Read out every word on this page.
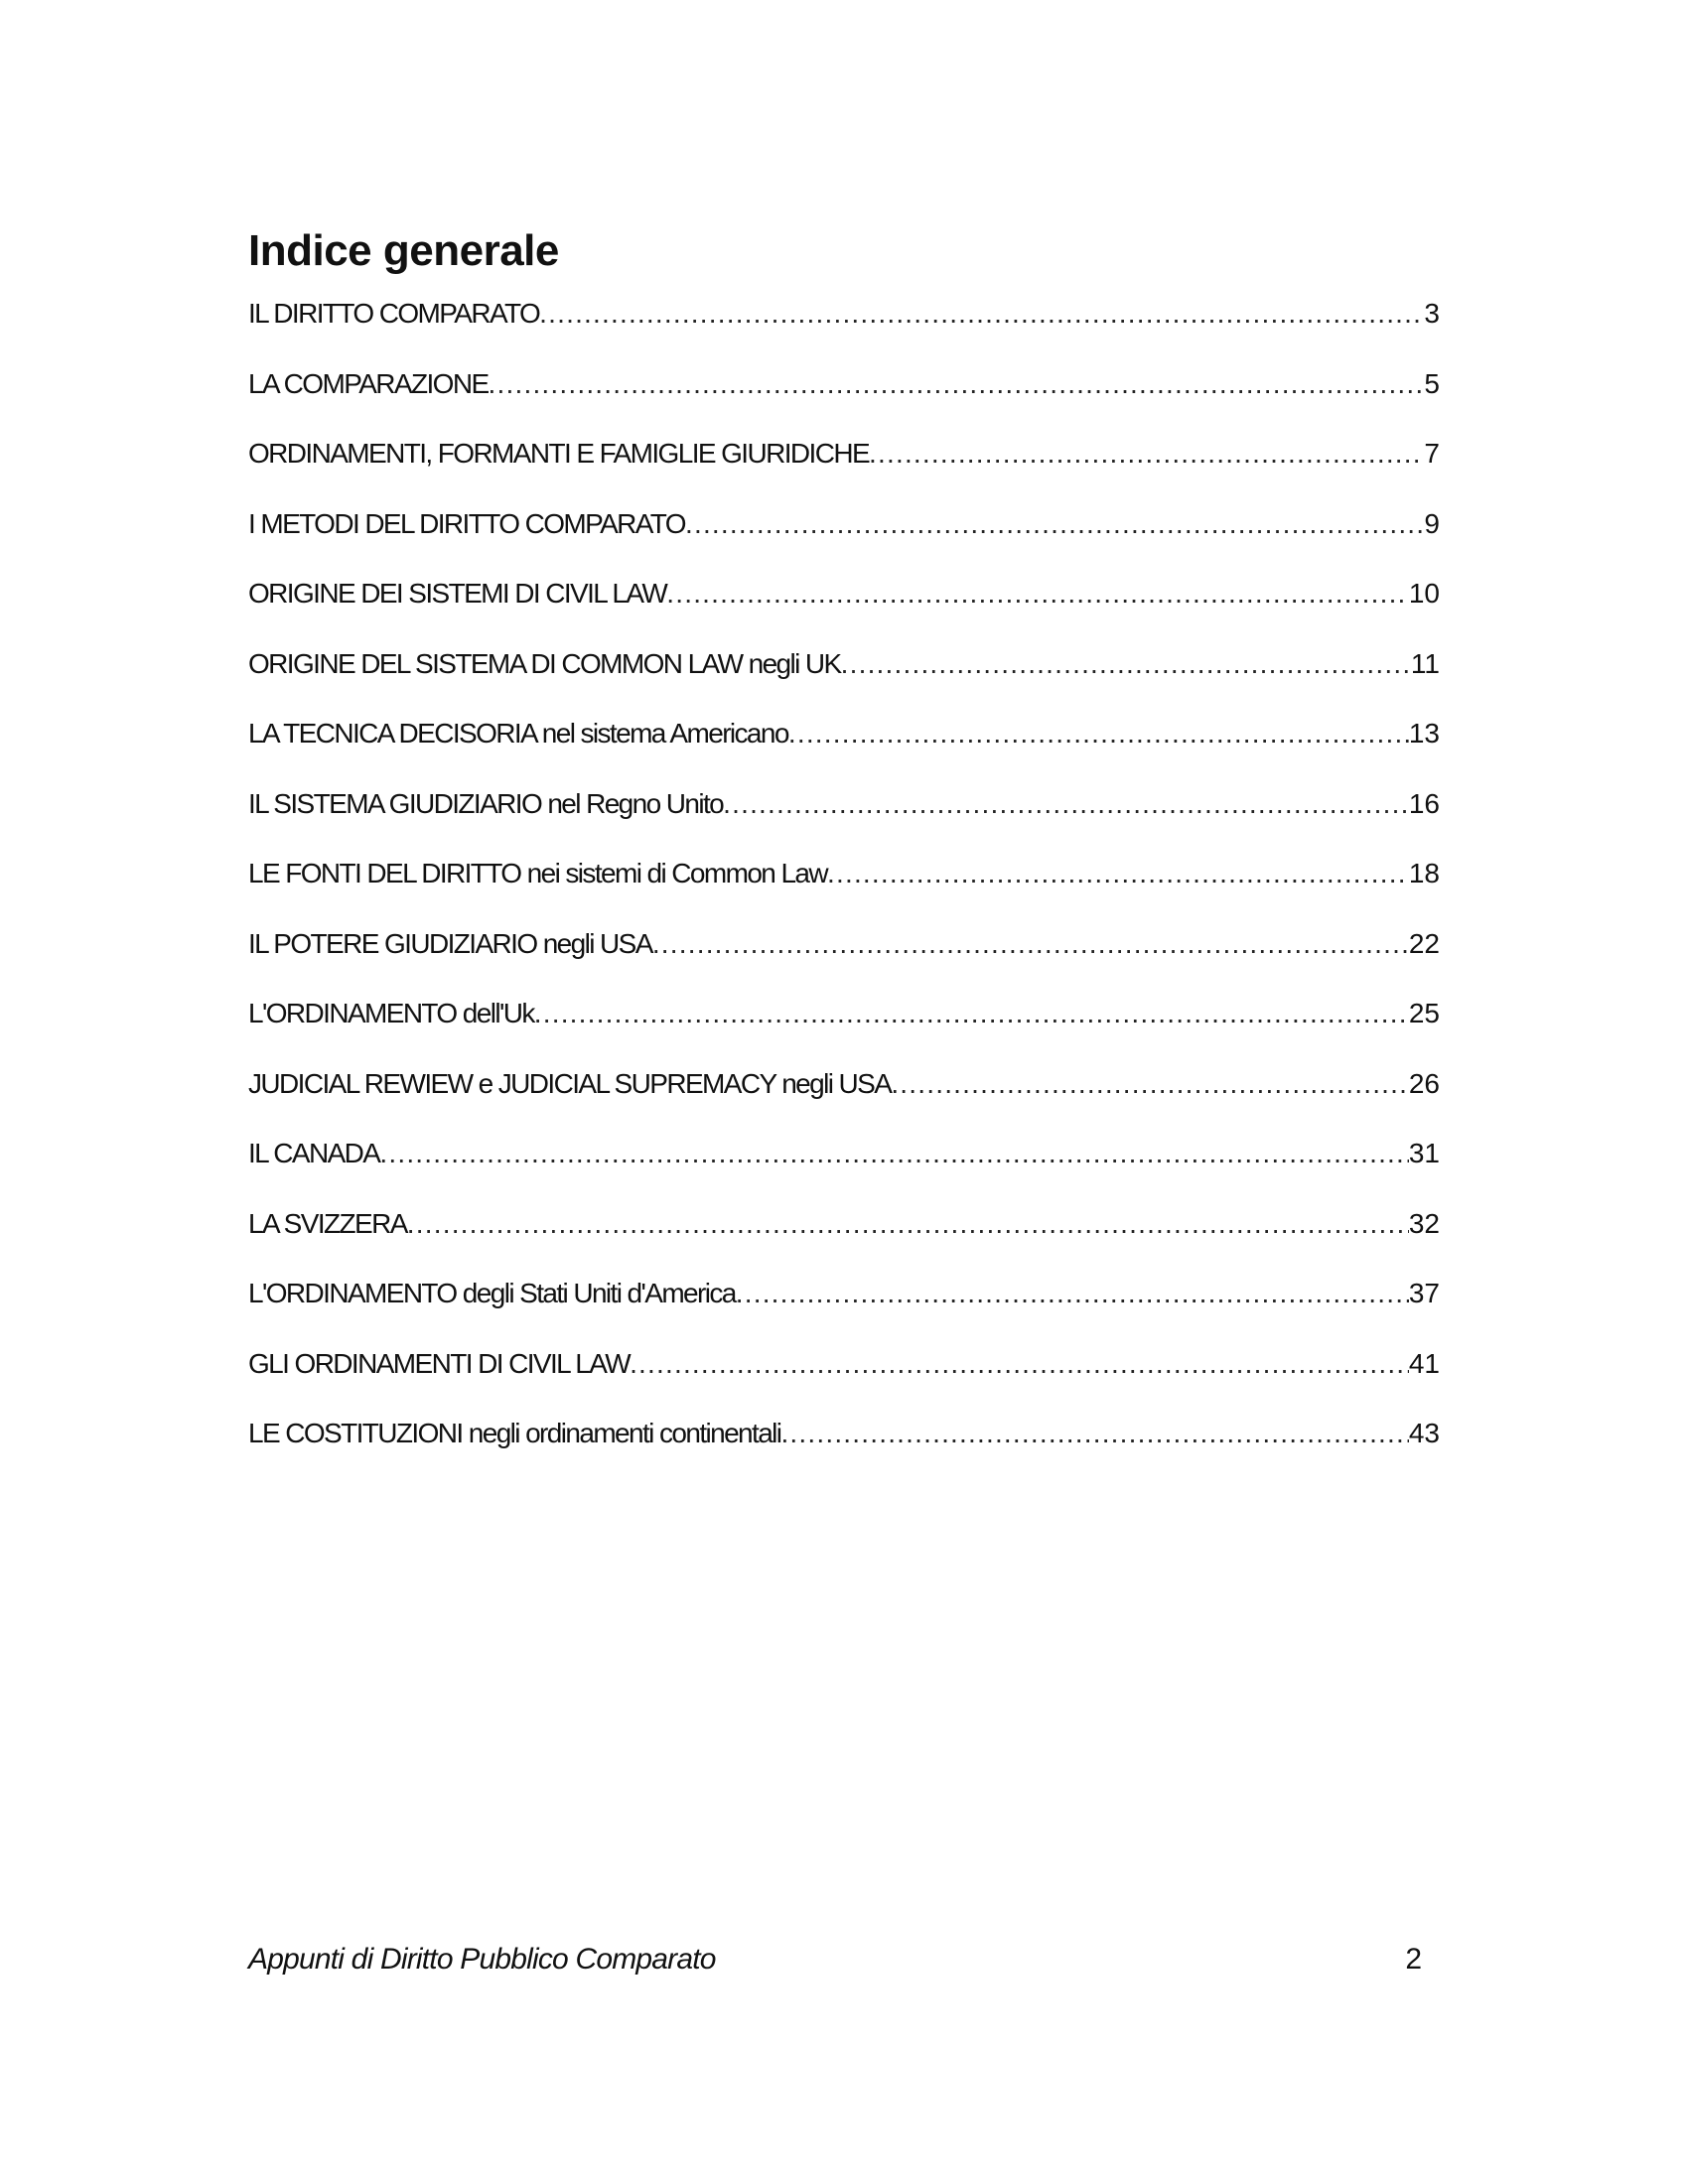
Indice generale
IL DIRITTO COMPARATO .....	3
LA COMPARAZIONE .....	5
ORDINAMENTI, FORMANTI E FAMIGLIE GIURIDICHE .....	7
I METODI DEL DIRITTO COMPARATO .....	9
ORIGINE DEI SISTEMI DI CIVIL LAW .....	10
ORIGINE DEL SISTEMA DI COMMON LAW negli UK .....	11
LA TECNICA DECISORIA nel sistema Americano .....	13
IL SISTEMA GIUDIZIARIO nel Regno Unito .....	16
LE FONTI DEL DIRITTO nei sistemi di Common Law .....	18
IL POTERE GIUDIZIARIO negli USA .....	22
L'ORDINAMENTO dell'Uk .....	25
JUDICIAL REWIEW e JUDICIAL SUPREMACY negli USA .....	26
IL CANADA .....	31
LA SVIZZERA .....	32
L'ORDINAMENTO degli Stati Uniti d'America .....	37
GLI ORDINAMENTI DI CIVIL LAW .....	41
LE COSTITUZIONI negli ordinamenti continentali .....	43
Appunti di Diritto Pubblico Comparato	2
